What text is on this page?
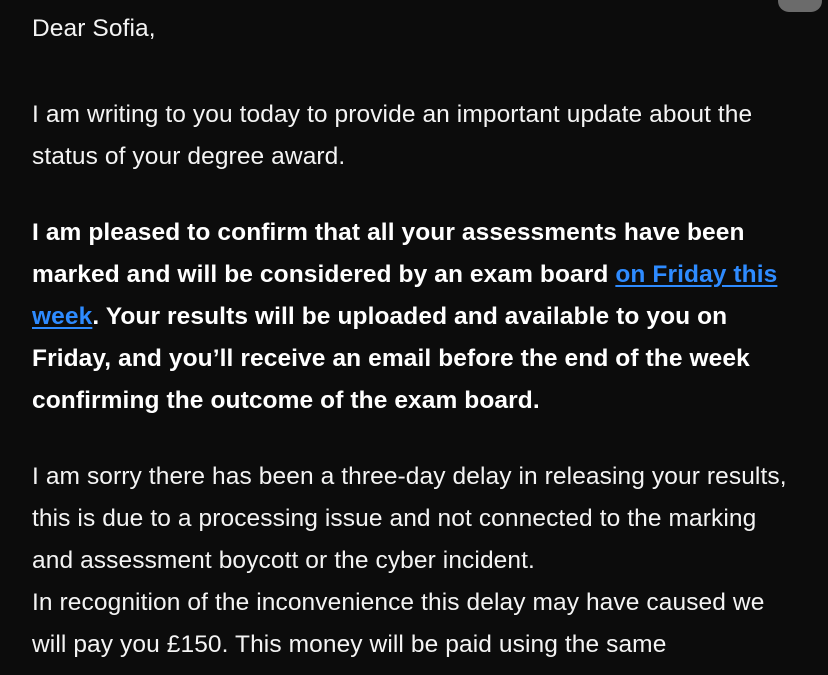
Dear Sofia,

I am writing to you today to provide an important update about the status of your degree award.

I am pleased to confirm that all your assessments have been marked and will be considered by an exam board on Friday this week. Your results will be uploaded and available to you on Friday, and you’ll receive an email before the end of the week confirming the outcome of the exam board.

I am sorry there has been a three-day delay in releasing your results, this is due to a processing issue and not connected to the marking and assessment boycott or the cyber incident.

In recognition of the inconvenience this delay may have caused we will pay you £150. This money will be paid using the same
